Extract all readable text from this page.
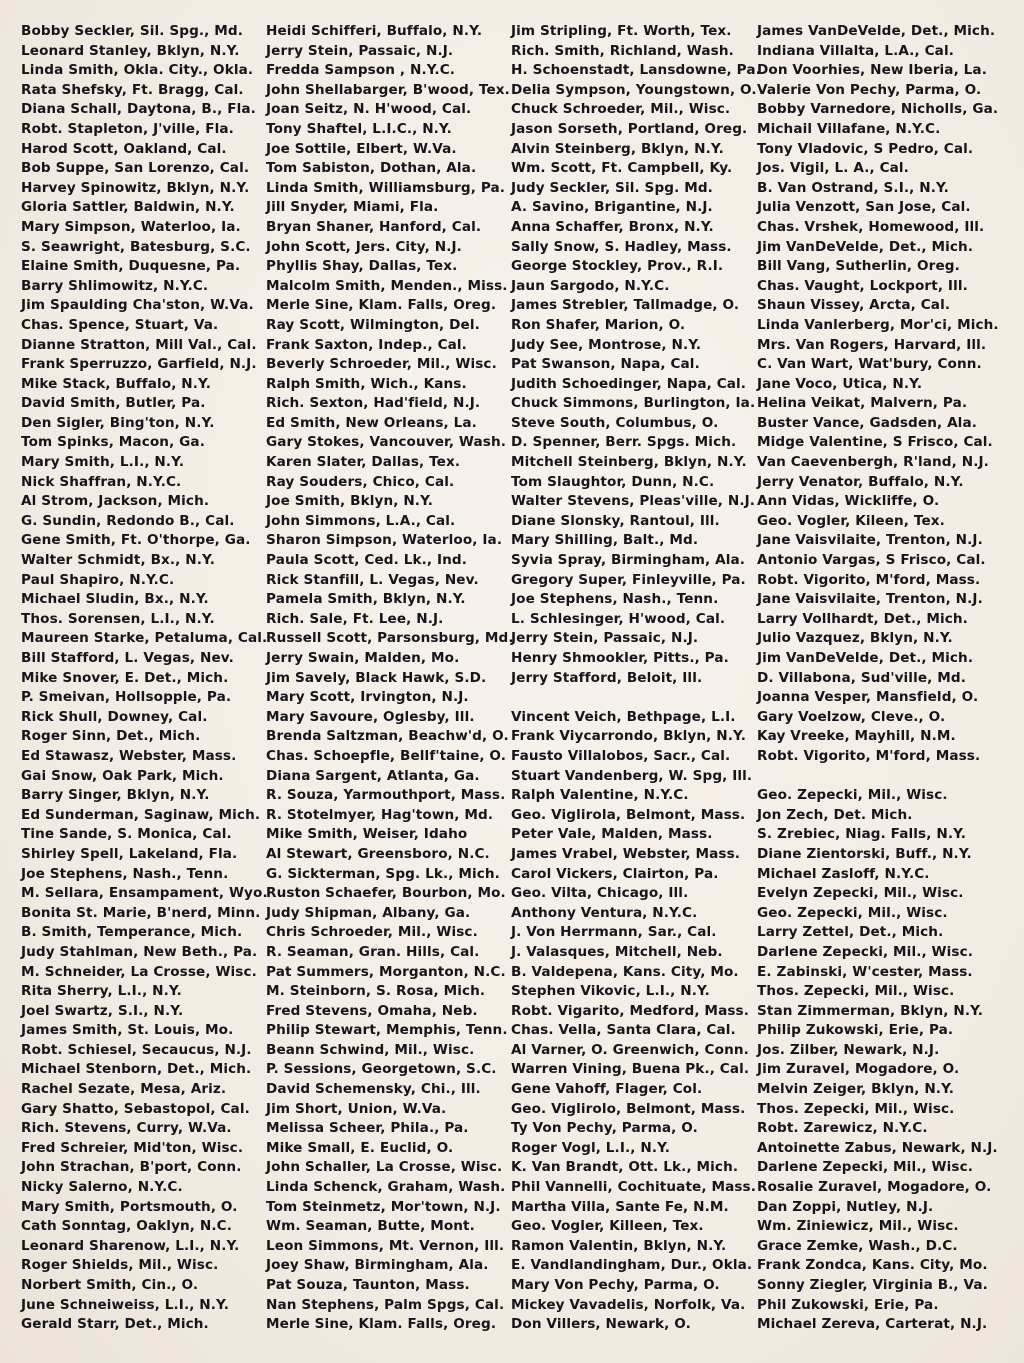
Bobby Seckler, Sil. Spg., Md.
Leonard Stanley, Bklyn, N.Y.
Linda Smith, Okla. City., Okla.
Rata Shefsky, Ft. Bragg, Cal.
Diana Schall, Daytona, B., Fla.
Robt. Stapleton, J'ville, Fla.
Harod Scott, Oakland, Cal.
Bob Suppe, San Lorenzo, Cal.
Harvey Spinowitz, Bklyn, N.Y.
Gloria Sattler, Baldwin, N.Y.
Mary Simpson, Waterloo, Ia.
S. Seawright, Batesburg, S.C.
Elaine Smith, Duquesne, Pa.
Barry Shlimowitz, N.Y.C.
Jim Spaulding Cha'ston, W.Va.
Chas. Spence, Stuart, Va.
Dianne Stratton, Mill Val., Cal.
Frank Sperruzzo, Garfield, N.J.
Mike Stack, Buffalo, N.Y.
David Smith, Butler, Pa.
Den Sigler, Bing'ton, N.Y.
Tom Spinks, Macon, Ga.
Mary Smith, L.I., N.Y.
Nick Shaffran, N.Y.C.
Al Strom, Jackson, Mich.
G. Sundin, Redondo B., Cal.
Gene Smith, Ft. O'thorpe, Ga.
Walter Schmidt, Bx., N.Y.
Paul Shapiro, N.Y.C.
Michael Sludin, Bx., N.Y.
Thos. Sorensen, L.I., N.Y.
Maureen Starke, Petaluma, Cal.
Bill Stafford, L. Vegas, Nev.
Mike Snover, E. Det., Mich.
P. Smeivan, Hollsopple, Pa.
Rick Shull, Downey, Cal.
Roger Sinn, Det., Mich.
Ed Stawasz, Webster, Mass.
Gai Snow, Oak Park, Mich.
Barry Singer, Bklyn, N.Y.
Ed Sunderman, Saginaw, Mich.
Tine Sande, S. Monica, Cal.
Shirley Spell, Lakeland, Fla.
Joe Stephens, Nash., Tenn.
M. Sellara, Ensampament, Wyo.
Bonita St. Marie, B'nerd, Minn.
B. Smith, Temperance, Mich.
Judy Stahlman, New Beth., Pa.
M. Schneider, La Crosse, Wisc.
Rita Sherry, L.I., N.Y.
Joel Swartz, S.I., N.Y.
James Smith, St. Louis, Mo.
Robt. Schiesel, Secaucus, N.J.
Michael Stenborn, Det., Mich.
Rachel Sezate, Mesa, Ariz.
Gary Shatto, Sebastopol, Cal.
Rich. Stevens, Curry, W.Va.
Fred Schreier, Mid'ton, Wisc.
John Strachan, B'port, Conn.
Nicky Salerno, N.Y.C.
Mary Smith, Portsmouth, O.
Cath Sonntag, Oaklyn, N.C.
Leonard Sharenow, L.I., N.Y.
Roger Shields, Mil., Wisc.
Norbert Smith, Cin., O.
June Schneiweiss, L.I., N.Y.
Gerald Starr, Det., Mich.
Heidi Schifferi, Buffalo, N.Y.
Jerry Stein, Passaic, N.J.
Fredda Sampson , N.Y.C.
John Shellabarger, B'wood, Tex.
Joan Seitz, N. H'wood, Cal.
Tony Shaftel, L.I.C., N.Y.
Joe Sottile, Elbert, W.Va.
Tom Sabiston, Dothan, Ala.
Linda Smith, Williamsburg, Pa.
Jill Snyder, Miami, Fla.
Bryan Shaner, Hanford, Cal.
John Scott, Jers. City, N.J.
Phyllis Shay, Dallas, Tex.
Malcolm Smith, Menden., Miss.
Merle Sine, Klam. Falls, Oreg.
Ray Scott, Wilmington, Del.
Frank Saxton, Indep., Cal.
Beverly Schroeder, Mil., Wisc.
Ralph Smith, Wich., Kans.
Rich. Sexton, Had'field, N.J.
Ed Smith, New Orleans, La.
Gary Stokes, Vancouver, Wash.
Karen Slater, Dallas, Tex.
Ray Souders, Chico, Cal.
Joe Smith, Bklyn, N.Y.
John Simmons, L.A., Cal.
Sharon Simpson, Waterloo, Ia.
Paula Scott, Ced. Lk., Ind.
Rick Stanfill, L. Vegas, Nev.
Pamela Smith, Bklyn, N.Y.
Rich. Sale, Ft. Lee, N.J.
Russell Scott, Parsonsburg, Md.
Jerry Swain, Malden, Mo.
Jim Savely, Black Hawk, S.D.
Mary Scott, Irvington, N.J.
Mary Savoure, Oglesby, Ill.
Brenda Saltzman, Beachw'd, O.
Chas. Schoepfle, Bellf'taine, O.
Diana Sargent, Atlanta, Ga.
R. Souza, Yarmouthport, Mass.
R. Stotelmyer, Hag'town, Md.
Mike Smith, Weiser, Idaho
Al Stewart, Greensboro, N.C.
G. Sickterman, Spg. Lk., Mich.
Ruston Schaefer, Bourbon, Mo.
Judy Shipman, Albany, Ga.
Chris Schroeder, Mil., Wisc.
R. Seaman, Gran. Hills, Cal.
Pat Summers, Morganton, N.C.
M. Steinborn, S. Rosa, Mich.
Fred Stevens, Omaha, Neb.
Philip Stewart, Memphis, Tenn.
Beann Schwind, Mil., Wisc.
P. Sessions, Georgetown, S.C.
David Schemensky, Chi., Ill.
Jim Short, Union, W.Va.
Melissa Scheer, Phila., Pa.
Mike Small, E. Euclid, O.
John Schaller, La Crosse, Wisc.
Linda Schenck, Graham, Wash.
Tom Steinmetz, Mor'town, N.J.
Wm. Seaman, Butte, Mont.
Leon Simmons, Mt. Vernon, Ill.
Joey Shaw, Birmingham, Ala.
Pat Souza, Taunton, Mass.
Nan Stephens, Palm Spgs, Cal.
Merle Sine, Klam. Falls, Oreg.
Jim Stripling, Ft. Worth, Tex.
Rich. Smith, Richland, Wash.
H. Schoenstadt, Lansdowne, Pa.
Delia Sympson, Youngstown, O.
Chuck Schroeder, Mil., Wisc.
Jason Sorseth, Portland, Oreg.
Alvin Steinberg, Bklyn, N.Y.
Wm. Scott, Ft. Campbell, Ky.
Judy Seckler, Sil. Spg. Md.
A. Savino, Brigantine, N.J.
Anna Schaffer, Bronx, N.Y.
Sally Snow, S. Hadley, Mass.
George Stockley, Prov., R.I.
Jaun Sargodo, N.Y.C.
James Strebler, Tallmadge, O.
Ron Shafer, Marion, O.
Judy See, Montrose, N.Y.
Pat Swanson, Napa, Cal.
Judith Schoedinger, Napa, Cal.
Chuck Simmons, Burlington, Ia.
Steve South, Columbus, O.
D. Spenner, Berr. Spgs. Mich.
Mitchell Steinberg, Bklyn, N.Y.
Tom Slaughtor, Dunn, N.C.
Walter Stevens, Pleas'ville, N.J.
Diane Slonsky, Rantoul, Ill.
Mary Shilling, Balt., Md.
Syvia Spray, Birmingham, Ala.
Gregory Super, Finleyville, Pa.
Joe Stephens, Nash., Tenn.
L. Schlesinger, H'wood, Cal.
Jerry Stein, Passaic, N.J.
Henry Shmookler, Pitts., Pa.
Jerry Stafford, Beloit, Ill.
Vincent Veich, Bethpage, L.I.
Frank Viycarrondo, Bklyn, N.Y.
Fausto Villalobos, Sacr., Cal.
Stuart Vandenberg, W. Spg, Ill.
Ralph Valentine, N.Y.C.
Geo. Viglirola, Belmont, Mass.
Peter Vale, Malden, Mass.
James Vrabel, Webster, Mass.
Carol Vickers, Clairton, Pa.
Geo. Vilta, Chicago, Ill.
Anthony Ventura, N.Y.C.
J. Von Herrmann, Sar., Cal.
J. Valasques, Mitchell, Neb.
B. Valdepena, Kans. City, Mo.
Stephen Vikovic, L.I., N.Y.
Robt. Vigarito, Medford, Mass.
Chas. Vella, Santa Clara, Cal.
Al Varner, O. Greenwich, Conn.
Warren Vining, Buena Pk., Cal.
Gene Vahoff, Flager, Col.
Geo. Viglirolo, Belmont, Mass.
Ty Von Pechy, Parma, O.
Roger Vogl, L.I., N.Y.
K. Van Brandt, Ott. Lk., Mich.
Phil Vannelli, Cochituate, Mass.
Martha Villa, Sante Fe, N.M.
Geo. Vogler, Killeen, Tex.
Ramon Valentin, Bklyn, N.Y.
E. Vandlandingham, Dur., Okla.
Mary Von Pechy, Parma, O.
Mickey Vavadelis, Norfolk, Va.
Don Villers, Newark, O.
James VanDeVelde, Det., Mich.
Indiana Villalta, L.A., Cal.
Don Voorhies, New Iberia, La.
Valerie Von Pechy, Parma, O.
Bobby Varnedore, Nicholls, Ga.
Michail Villafane, N.Y.C.
Tony Vladovic, S Pedro, Cal.
Jos. Vigil, L. A., Cal.
B. Van Ostrand, S.I., N.Y.
Julia Venzott, San Jose, Cal.
Chas. Vrshek, Homewood, Ill.
Jim VanDeVelde, Det., Mich.
Bill Vang, Sutherlin, Oreg.
Chas. Vaught, Lockport, Ill.
Shaun Vissey, Arcta, Cal.
Linda Vanlerberg, Mor'ci, Mich.
Mrs. Van Rogers, Harvard, Ill.
C. Van Wart, Wat'bury, Conn.
Jane Voco, Utica, N.Y.
Helina Veikat, Malvern, Pa.
Buster Vance, Gadsden, Ala.
Midge Valentine, S Frisco, Cal.
Van Caevenbergh, R'land, N.J.
Jerry Venator, Buffalo, N.Y.
Ann Vidas, Wickliffe, O.
Geo. Vogler, Kileen, Tex.
Jane Vaisvilaite, Trenton, N.J.
Antonio Vargas, S Frisco, Cal.
Robt. Vigorito, M'ford, Mass.
Jane Vaisvilaite, Trenton, N.J.
Larry Vollhardt, Det., Mich.
Julio Vazquez, Bklyn, N.Y.
Jim VanDeVelde, Det., Mich.
D. Villabona, Sud'ville, Md.
Joanna Vesper, Mansfield, O.
Gary Voelzow, Cleve., O.
Kay Vreeke, Mayhill, N.M.
Robt. Vigorito, M'ford, Mass.
Geo. Zepecki, Mil., Wisc.
Jon Zech, Det. Mich.
S. Zrebiec, Niag. Falls, N.Y.
Diane Zientorski, Buff., N.Y.
Michael Zasloff, N.Y.C.
Evelyn Zepecki, Mil., Wisc.
Geo. Zepecki, Mil., Wisc.
Larry Zettel, Det., Mich.
Darlene Zepecki, Mil., Wisc.
E. Zabinski, W'cester, Mass.
Thos. Zepecki, Mil., Wisc.
Stan Zimmerman, Bklyn, N.Y.
Philip Zukowski, Erie, Pa.
Jos. Zilber, Newark, N.J.
Jim Zuravel, Mogadore, O.
Melvin Zeiger, Bklyn, N.Y.
Thos. Zepecki, Mil., Wisc.
Robt. Zarewicz, N.Y.C.
Antoinette Zabus, Newark, N.J.
Darlene Zepecki, Mil., Wisc.
Rosalie Zuravel, Mogadore, O.
Dan Zoppi, Nutley, N.J.
Wm. Ziniewicz, Mil., Wisc.
Grace Zemke, Wash., D.C.
Frank Zondca, Kans. City, Mo.
Sonny Ziegler, Virginia B., Va.
Phil Zukowski, Erie, Pa.
Michael Zereva, Carterat, N.J.
